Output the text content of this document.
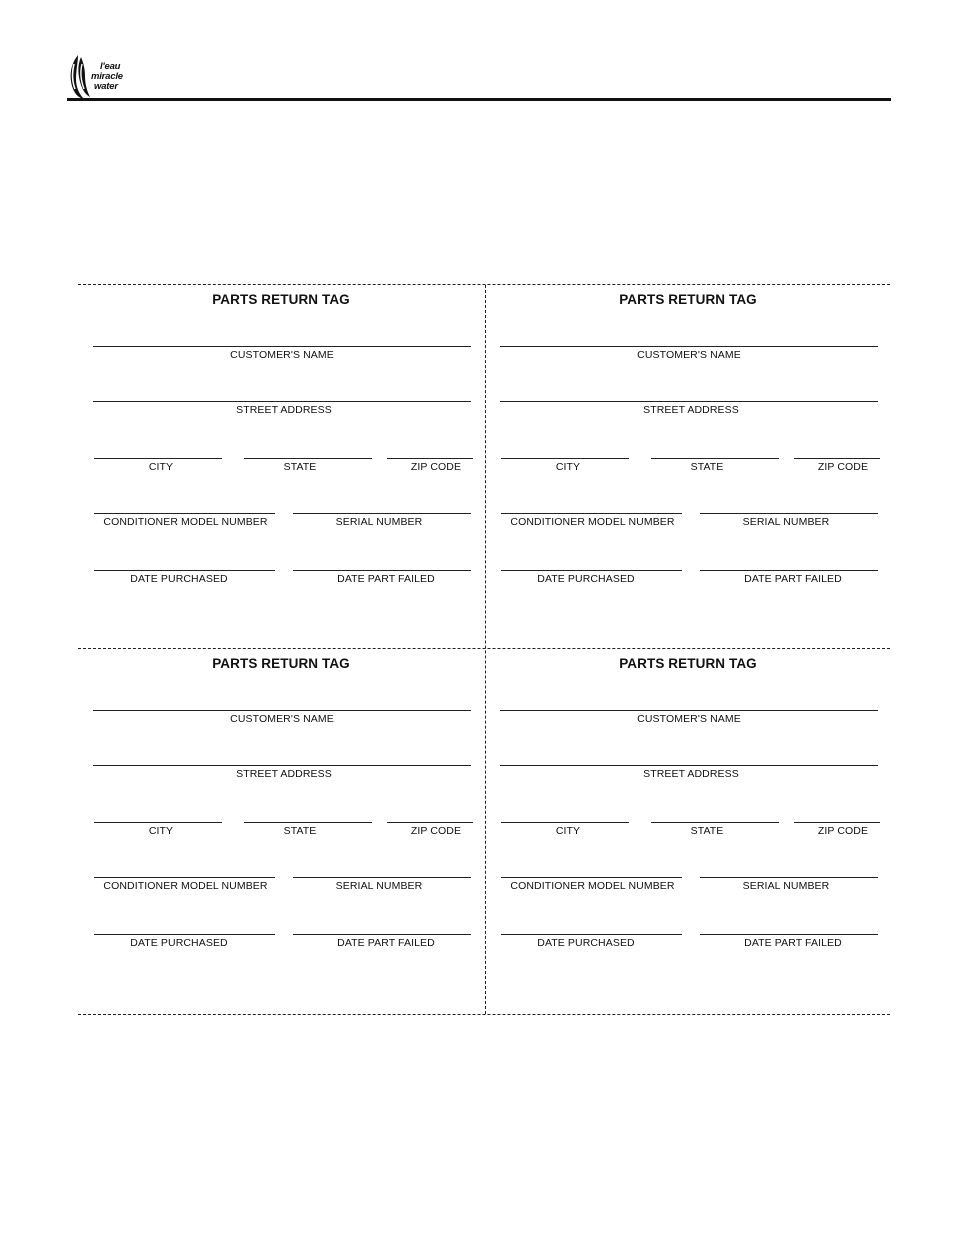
l'eau
miracle
water
PARTS RETURN TAG
CUSTOMER'S NAME
STREET ADDRESS
CITY	STATE	ZIP CODE
CONDITIONER MODEL NUMBER	SERIAL NUMBER
DATE PURCHASED	DATE PART FAILED
PARTS RETURN TAG
CUSTOMER'S NAME
STREET ADDRESS
CITY	STATE	ZIP CODE
CONDITIONER MODEL NUMBER	SERIAL NUMBER
DATE PURCHASED	DATE PART FAILED
PARTS RETURN TAG
CUSTOMER'S NAME
STREET ADDRESS
CITY	STATE	ZIP CODE
CONDITIONER MODEL NUMBER	SERIAL NUMBER
DATE PURCHASED	DATE PART FAILED
PARTS RETURN TAG
CUSTOMER'S NAME
STREET ADDRESS
CITY	STATE	ZIP CODE
CONDITIONER MODEL NUMBER	SERIAL NUMBER
DATE PURCHASED	DATE PART FAILED
